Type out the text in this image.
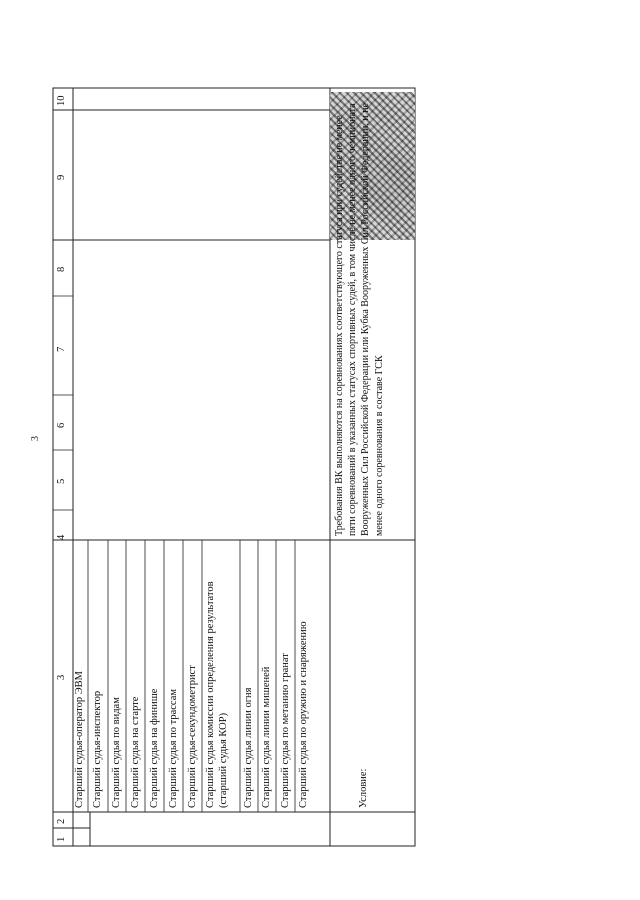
3
1
2
3
4
5
6
7
8
9
10
Старший судья-оператор ЭВМ Старший судья-инспектор Старший судья по видам Старший судья на старте Старший судья на финише Старший судья по трассам Старший судья-секундометрист Старший судья комиссии определения результатов (старший судья КОР) Старший судья линии огня Старший судья линии мишеней Старший судья по метанию гранат Старший судья по оружию и снаряжению	Условие:
Требования ВК выполняются на соревнованиях соответствующего статуса при судействе не менее пяти соревнований в указанных статусах спортивных судей, в том числе не менее одного чемпионата Вооруженных Сил Российской Федерации или Кубка Вооруженных Сил Российской Федерации, и не менее одного соревнования в составе ГСК
